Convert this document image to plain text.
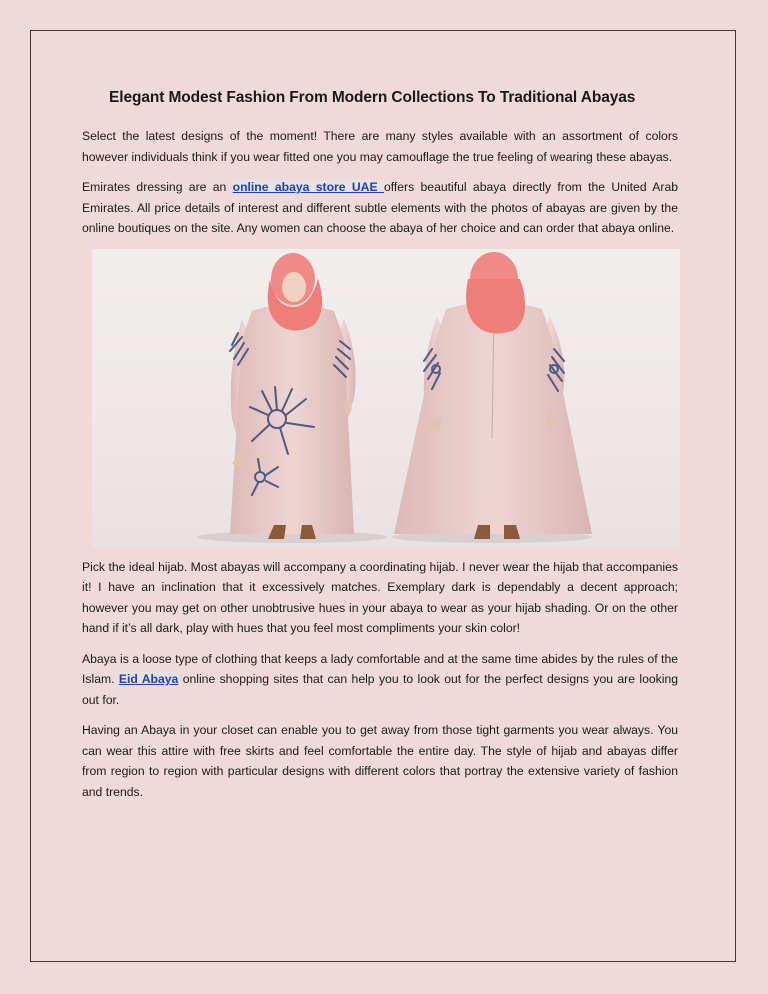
Elegant Modest Fashion From Modern Collections To Traditional Abayas

Select the latest designs of the moment! There are many styles available with an assortment of colors however individuals think if you wear fitted one you may camouflage the true feeling of wearing these abayas.

Emirates dressing are an online abaya store UAE offers beautiful abaya directly from the United Arab Emirates. All price details of interest and different subtle elements with the photos of abayas are given by the online boutiques on the site. Any women can choose the abaya of her choice and can order that abaya online.

Pick the ideal hijab. Most abayas will accompany a coordinating hijab. I never wear the hijab that accompanies it! I have an inclination that it excessively matches. Exemplary dark is dependably a decent approach; however you may get on other unobtrusive hues in your abaya to wear as your hijab shading. Or on the other hand if it’s all dark, play with hues that you feel most compliments your skin color!

Abaya is a loose type of clothing that keeps a lady comfortable and at the same time abides by the rules of the Islam. Eid Abaya online shopping sites that can help you to look out for the perfect designs you are looking out for.

Having an Abaya in your closet can enable you to get away from those tight garments you wear always. You can wear this attire with free skirts and feel comfortable the entire day. The style of hijab and abayas differ from region to region with particular designs with different colors that portray the extensive variety of fashion and trends.
